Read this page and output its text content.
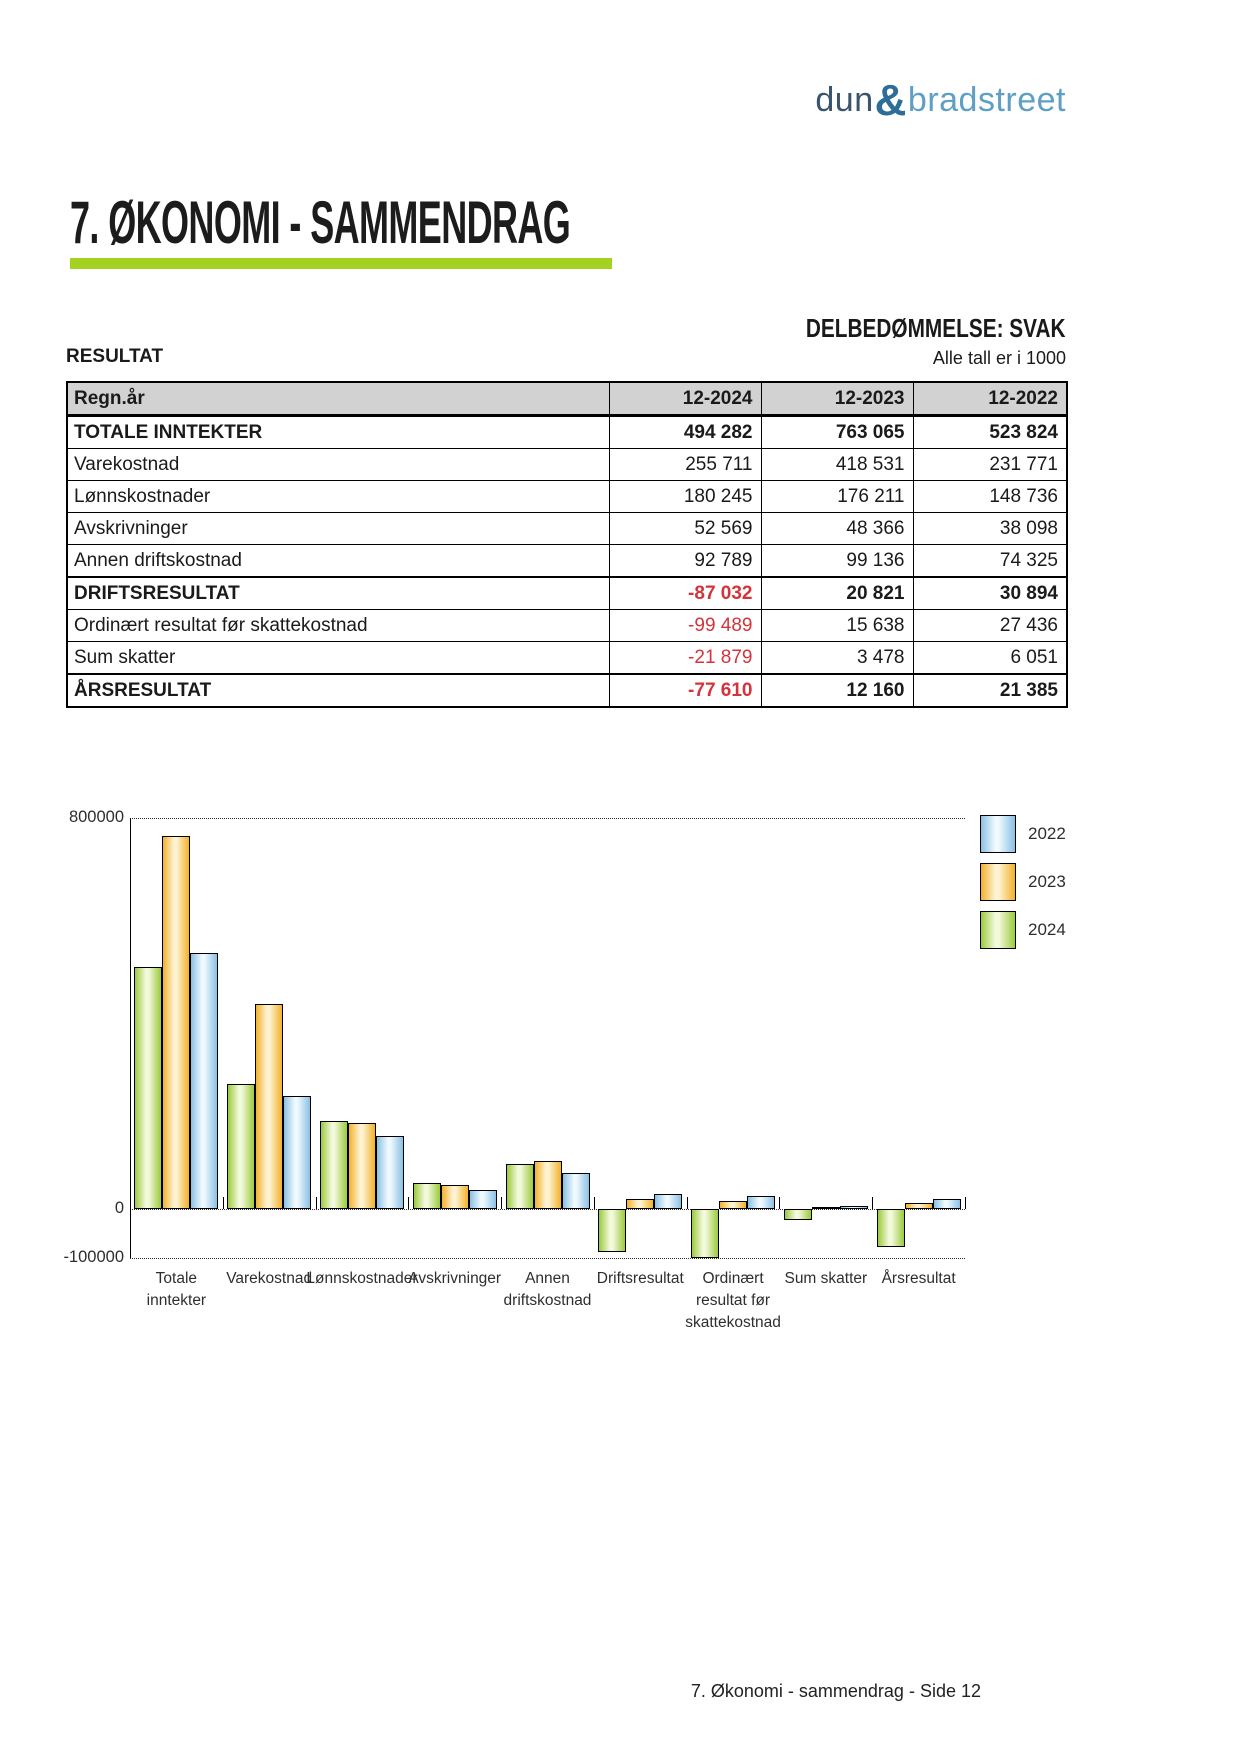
dun&bradstreet
7. ØKONOMI - SAMMENDRAG
DELBEDØMMELSE: SVAK
RESULTAT	Alle tall er i 1000
Regn.år	12-2024	12-2023	12-2022
TOTALE INNTEKTER	494 282	763 065	523 824
Varekostnad	255 711	418 531	231 771
Lønnskostnader	180 245	176 211	148 736
Avskrivninger	52 569	48 366	38 098
Annen driftskostnad	92 789	99 136	74 325
DRIFTSRESULTAT	-87 032	20 821	30 894
Ordinært resultat før skattekostnad	-99 489	15 638	27 436
Sum skatter	-21 879	3 478	6 051
ÅRSRESULTAT	-77 610	12 160	21 385
800000
0
-100000
Totale
inntekter
Varekostnad
Lønnskostnader
Avskrivninger	Annen
driftskostnad
Driftsresultat	Ordinært
resultat før
skattekostnad
Sum skatter Årsresultat
2022
2023
2024
7. Økonomi - sammendrag - Side 12
